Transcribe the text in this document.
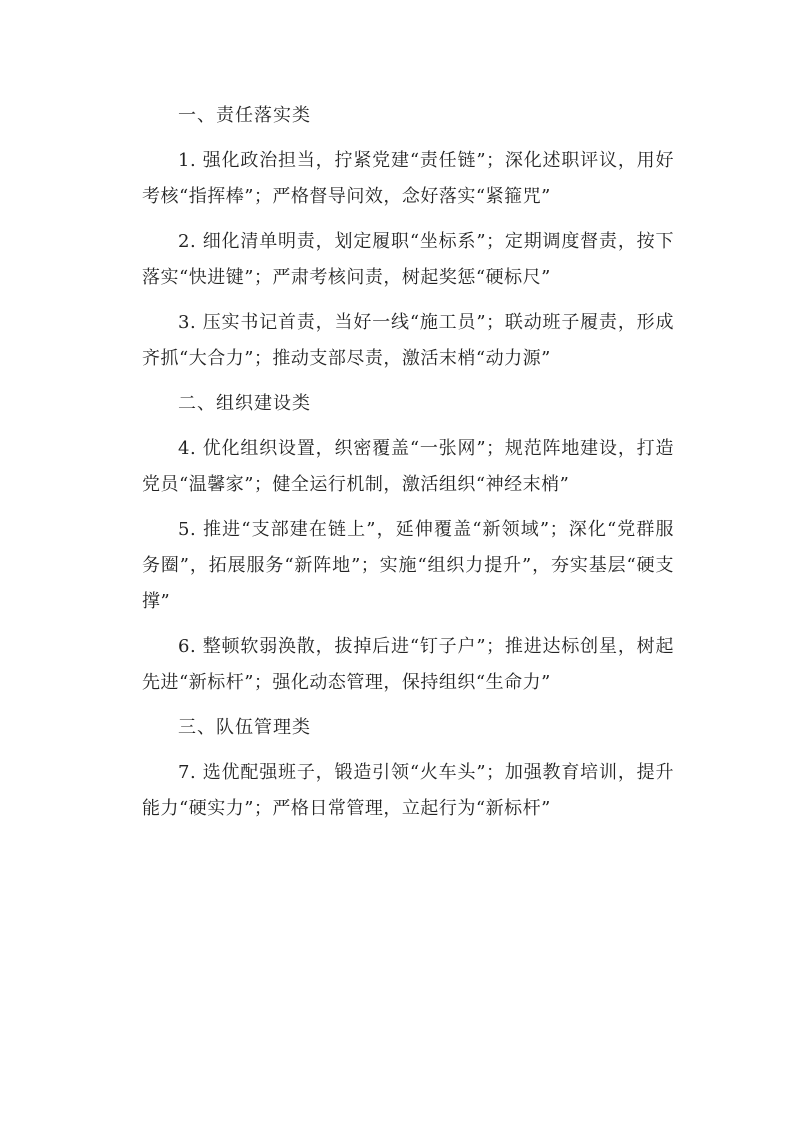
一、责任落实类

1. 强化政治担当，拧紧党建“责任链”；深化述职评议，用好考核“指挥棒”；严格督导问效，念好落实“紧箍咒”

2. 细化清单明责，划定履职“坐标系”；定期调度督责，按下落实“快进键”；严肃考核问责，树起奖惩“硬标尺”

3. 压实书记首责，当好一线“施工员”；联动班子履责，形成齐抓“大合力”；推动支部尽责，激活末梢“动力源”

二、组织建设类

4. 优化组织设置，织密覆盖“一张网”；规范阵地建设，打造党员“温馨家”；健全运行机制，激活组织“神经末梢”

5. 推进“支部建在链上”，延伸覆盖“新领域”；深化“党群服务圈”，拓展服务“新阵地”；实施“组织力提升”，夯实基层“硬支撑”

6. 整顿软弱涣散，拔掉后进“钉子户”；推进达标创星，树起先进“新标杆”；强化动态管理，保持组织“生命力”

三、队伍管理类

7. 选优配强班子，锻造引领“火车头”；加强教育培训，提升能力“硬实力”；严格日常管理，立起行为“新标杆”
